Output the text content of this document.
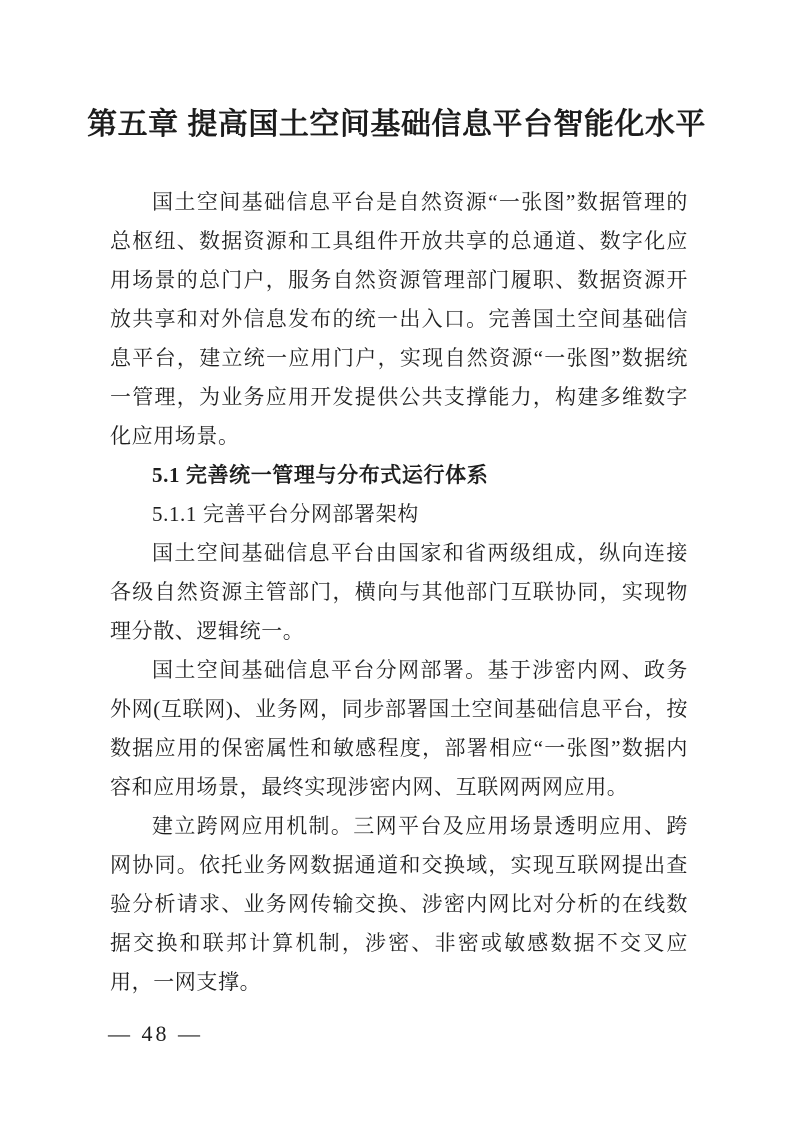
第五章 提高国土空间基础信息平台智能化水平

国土空间基础信息平台是自然资源“一张图”数据管理的总枢纽、数据资源和工具组件开放共享的总通道、数字化应用场景的总门户，服务自然资源管理部门履职、数据资源开放共享和对外信息发布的统一出入口。完善国土空间基础信息平台，建立统一应用门户，实现自然资源“一张图”数据统一管理，为业务应用开发提供公共支撑能力，构建多维数字化应用场景。

5.1 完善统一管理与分布式运行体系

5.1.1 完善平台分网部署架构

国土空间基础信息平台由国家和省两级组成，纵向连接各级自然资源主管部门，横向与其他部门互联协同，实现物理分散、逻辑统一。

国土空间基础信息平台分网部署。基于涉密内网、政务外网(互联网)、业务网，同步部署国土空间基础信息平台，按数据应用的保密属性和敏感程度，部署相应“一张图”数据内容和应用场景，最终实现涉密内网、互联网两网应用。

建立跨网应用机制。三网平台及应用场景透明应用、跨网协同。依托业务网数据通道和交换域，实现互联网提出查验分析请求、业务网传输交换、涉密内网比对分析的在线数据交换和联邦计算机制，涉密、非密或敏感数据不交叉应用，一网支撑。

— 48 —
